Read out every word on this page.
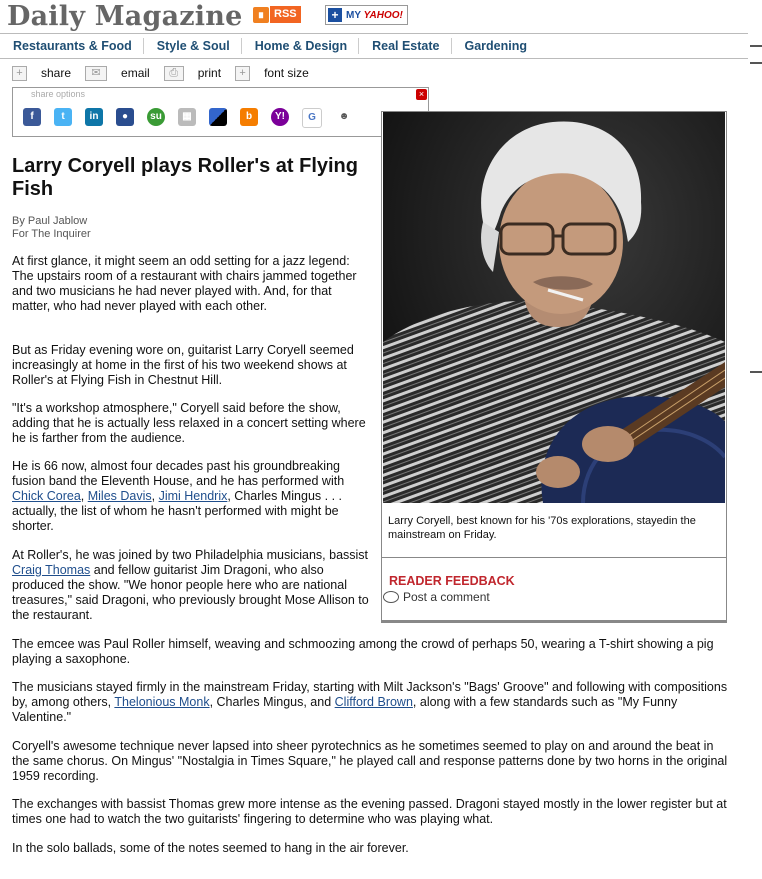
Daily Magazine	∎ RSS	+ MY YAHOO!
Restaurants & Food	Style & Soul	Home & Design	Real Estate	Gardening
+	share	✉	email	⎙	print	+	font size
share options	×
f	t	in	●	su	▦	b	Y!	G	☻
Larry Coryell plays Roller's at Flying Fish
By Paul Jablow
For The Inquirer
At first glance, it might seem an odd setting for a jazz legend: The upstairs room of a restaurant with chairs jammed together and two musicians he had never played with. And, for that matter, who had never played with each other.
But as Friday evening wore on, guitarist Larry Coryell seemed increasingly at home in the first of his two weekend shows at Roller's at Flying Fish in Chestnut Hill.
"It's a workshop atmosphere," Coryell said before the show, adding that he is actually less relaxed in a concert setting where he is farther from the audience.
He is 66 now, almost four decades past his groundbreaking fusion band the Eleventh House, and he has performed with Chick Corea, Miles Davis, Jimi Hendrix, Charles Mingus . . . actually, the list of whom he hasn't performed with might be shorter.
At Roller's, he was joined by two Philadelphia musicians, bassist Craig Thomas and fellow guitarist Jim Dragoni, who also produced the show. "We honor people here who are national treasures," said Dragoni, who previously brought Mose Allison to the restaurant.
The emcee was Paul Roller himself, weaving and schmoozing among the crowd of perhaps 50, wearing a T-shirt showing a pig playing a saxophone.
The musicians stayed firmly in the mainstream Friday, starting with Milt Jackson's "Bags' Groove" and following with compositions by, among others, Thelonious Monk, Charles Mingus, and Clifford Brown, along with a few standards such as "My Funny Valentine."
Coryell's awesome technique never lapsed into sheer pyrotechnics as he sometimes seemed to play on and around the beat in the same chorus. On Mingus' "Nostalgia in Times Square," he played call and response patterns done by two horns in the original 1959 recording.
The exchanges with bassist Thomas grew more intense as the evening passed. Dragoni stayed mostly in the lower register but at times one had to watch the two guitarists' fingering to determine who was playing what.
In the solo ballads, some of the notes seemed to hang in the air forever.
Larry Coryell, best known for his '70s explorations, stayedin the mainstream on Friday.
READER FEEDBACK
Post a comment
